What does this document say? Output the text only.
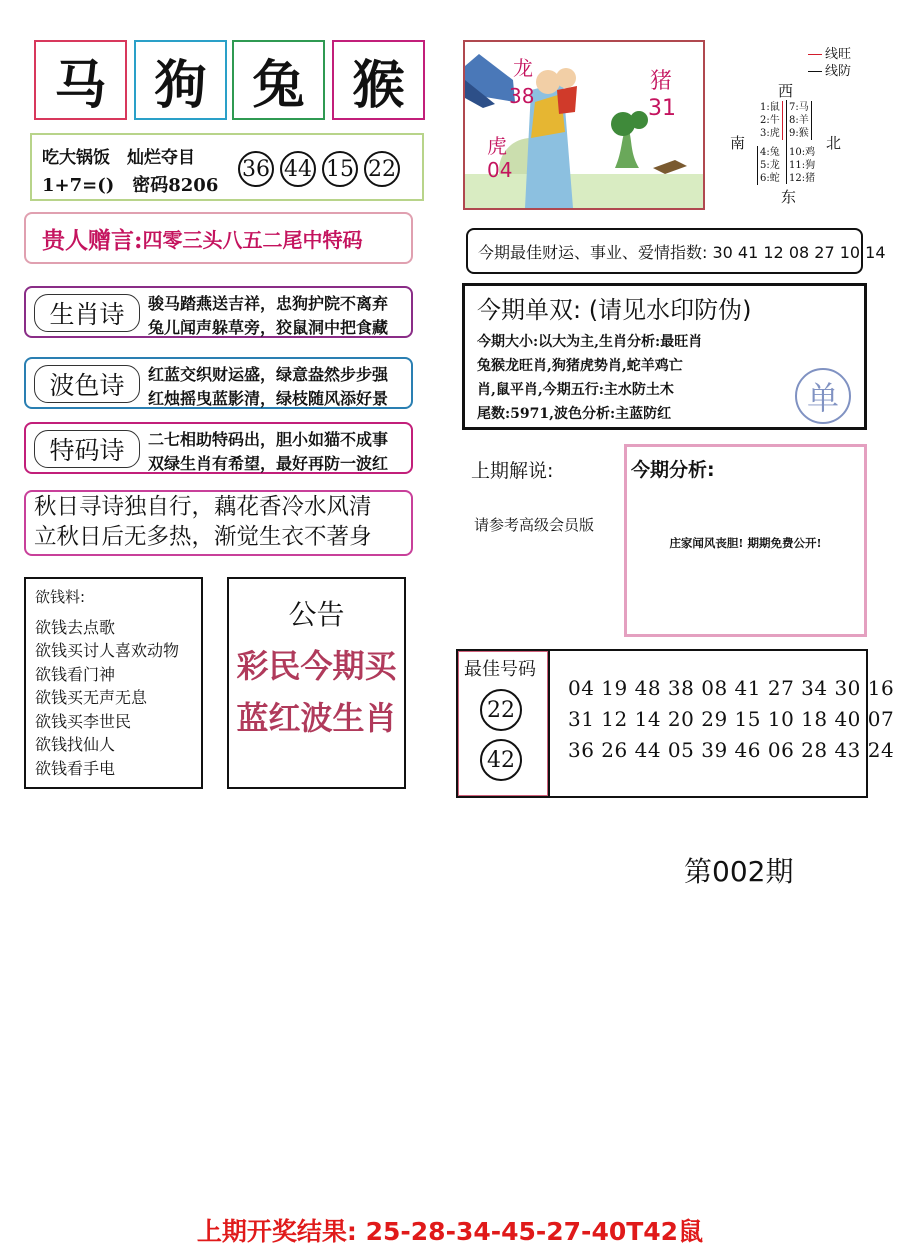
马 狗 兔 猴
吃大锅饭　灿烂夺目
1+7=()　密码8206
36 44 15 22
贵人赠言: 四零三头八五二尾中特码
生肖诗	骏马踏燕送吉祥，忠狗护院不离弃
兔儿闻声躲草旁，狡鼠洞中把食藏
波色诗	红蓝交织财运盛，绿意盎然步步强
红烛摇曳蓝影清，绿枝随风添好景
特码诗	二七相助特码出，胆小如猫不成事
双绿生肖有希望，最好再防一波红
秋日寻诗独自行，藕花香冷水风清
立秋日后无多热，渐觉生衣不著身
欲钱料:
欲钱去点歌
欲钱买讨人喜欢动物
欲钱看门神
欲钱买无声无息
欲钱买李世民
欲钱找仙人
欲钱看手电
公告
彩民今期买
蓝红波生肖
龙
38
猪
31
虎
04
线旺
线防
西
南	北
东
1:鼠
2:牛
3:虎
7:马
8:羊
9:猴
4:兔
5:龙
6:蛇
10:鸡
11:狗
12:猪
今期最佳财运、事业、爱情指数: 30 41 12 08 27 10 14
今期单双: (请见水印防伪)
今期大小:以大为主,生肖分析:最旺肖
兔猴龙旺肖,狗猪虎势肖,蛇羊鸡亡
肖,鼠平肖,今期五行:主水防土木
尾数:5971,波色分析:主蓝防红	单
上期解说:
请参考高级会员版
今期分析:
庄家闻风丧胆! 期期免费公开!
最佳号码
22
42
04 19 48 38 08 41 27 34 30 16
31 12 14 20 29 15 10 18 40 07
36 26 44 05 39 46 06 28 43 24
第002期
上期开奖结果: 25-28-34-45-27-40T42鼠
